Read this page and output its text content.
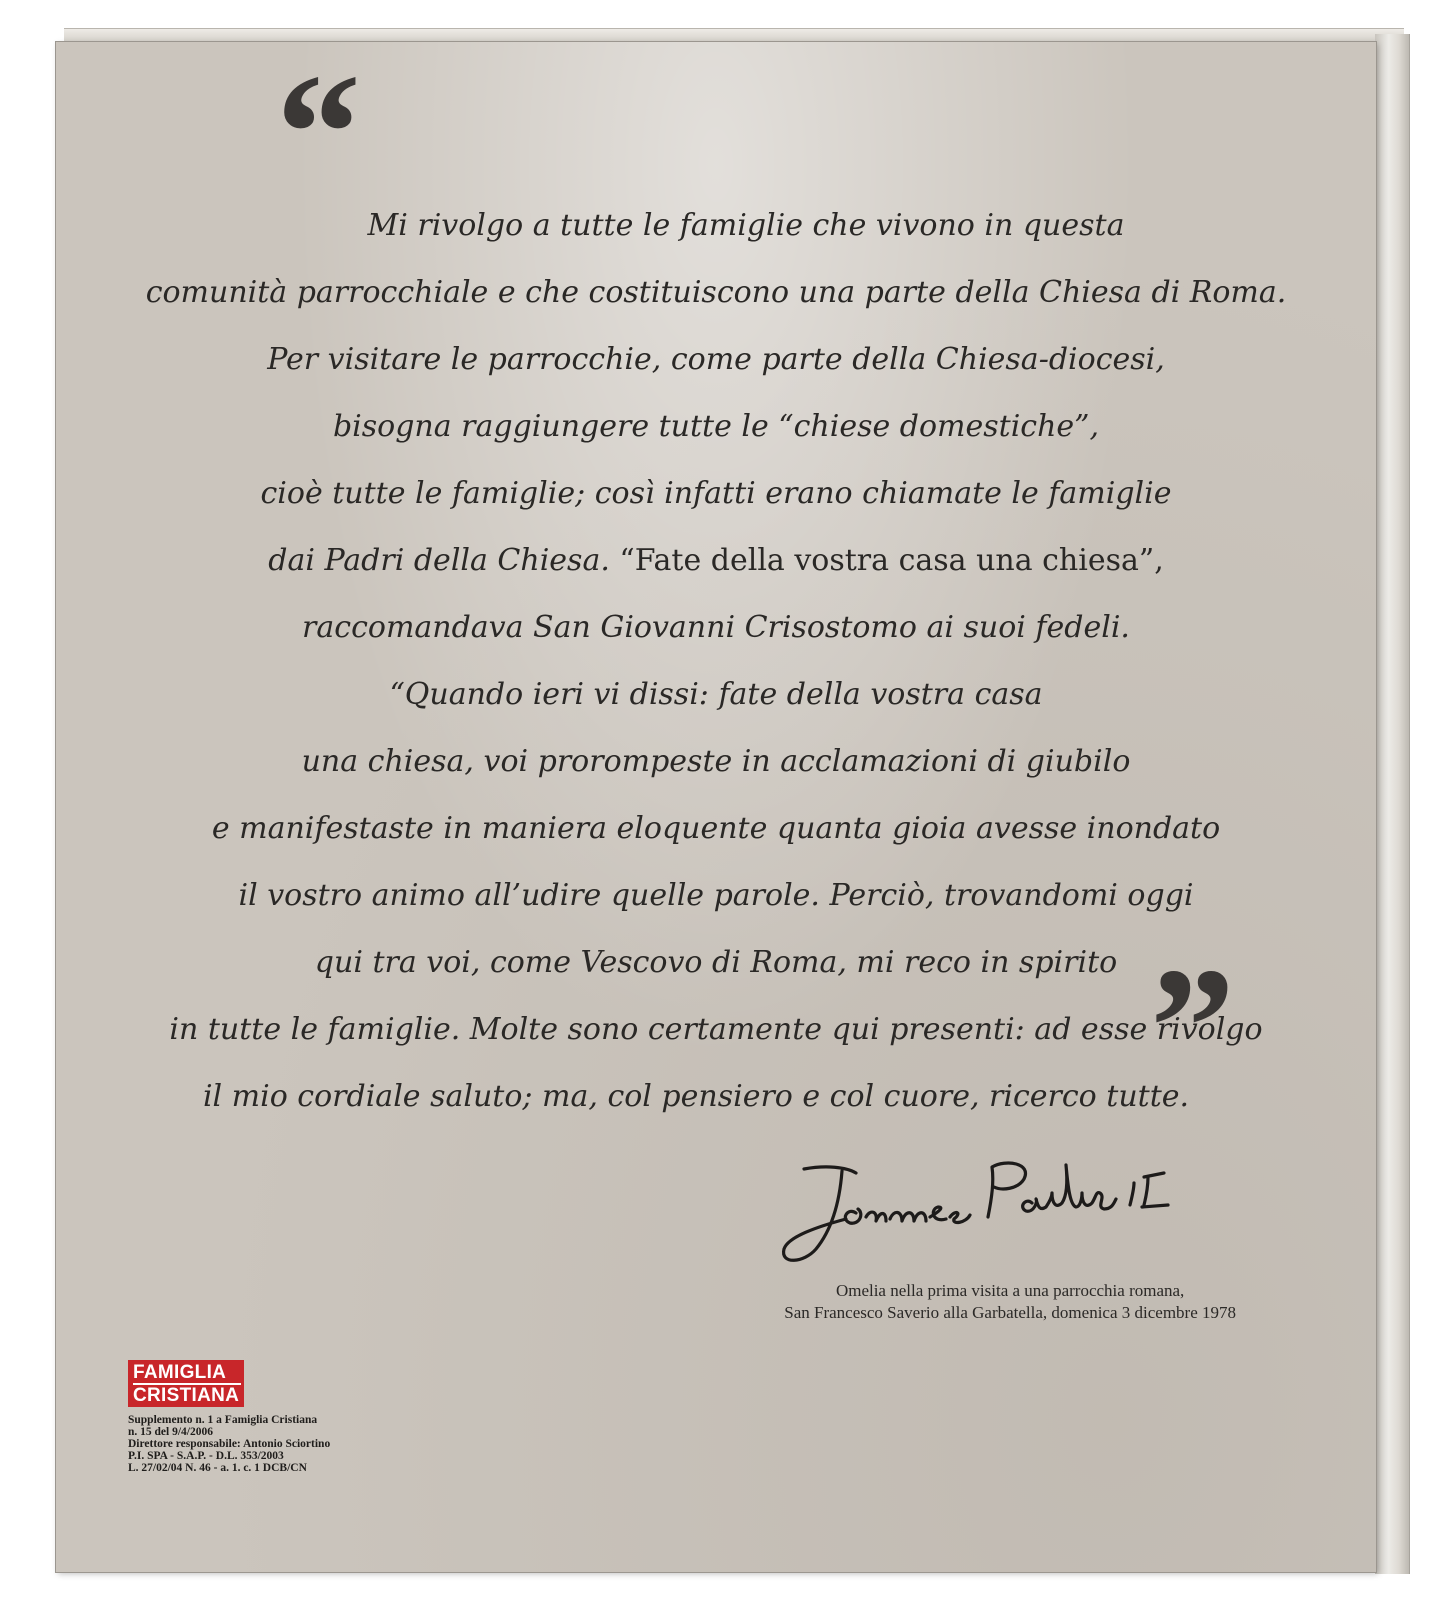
“ Mi rivolgo a tutte le famiglie che vivono in questa
comunità parrocchiale e che costituiscono una parte della Chiesa di Roma.
Per visitare le parrocchie, come parte della Chiesa-diocesi,
bisogna raggiungere tutte le “chiese domestiche”,
cioè tutte le famiglie; così infatti erano chiamate le famiglie
dai Padri della Chiesa. “Fate della vostra casa una chiesa”,
raccomandava San Giovanni Crisostomo ai suoi fedeli.
“Quando ieri vi dissi: fate della vostra casa
una chiesa, voi prorompeste in acclamazioni di giubilo
e manifestaste in maniera eloquente quanta gioia avesse inondato
il vostro animo all’udire quelle parole. Perciò, trovandomi oggi
qui tra voi, come Vescovo di Roma, mi reco in spirito
in tutte le famiglie. Molte sono certamente qui presenti: ad esse rivolgo
il mio cordiale saluto; ma, col pensiero e col cuore, ricerco tutte.
”
Omelia nella prima visita a una parrocchia romana,
San Francesco Saverio alla Garbatella, domenica 3 dicembre 1978
FAMIGLIA
CRISTIANA
Supplemento n. 1 a Famiglia Cristiana
n. 15 del 9/4/2006
Direttore responsabile: Antonio Sciortino
P.I. SPA - S.A.P. - D.L. 353/2003
L. 27/02/04 N. 46 - a. 1. c. 1 DCB/CN
